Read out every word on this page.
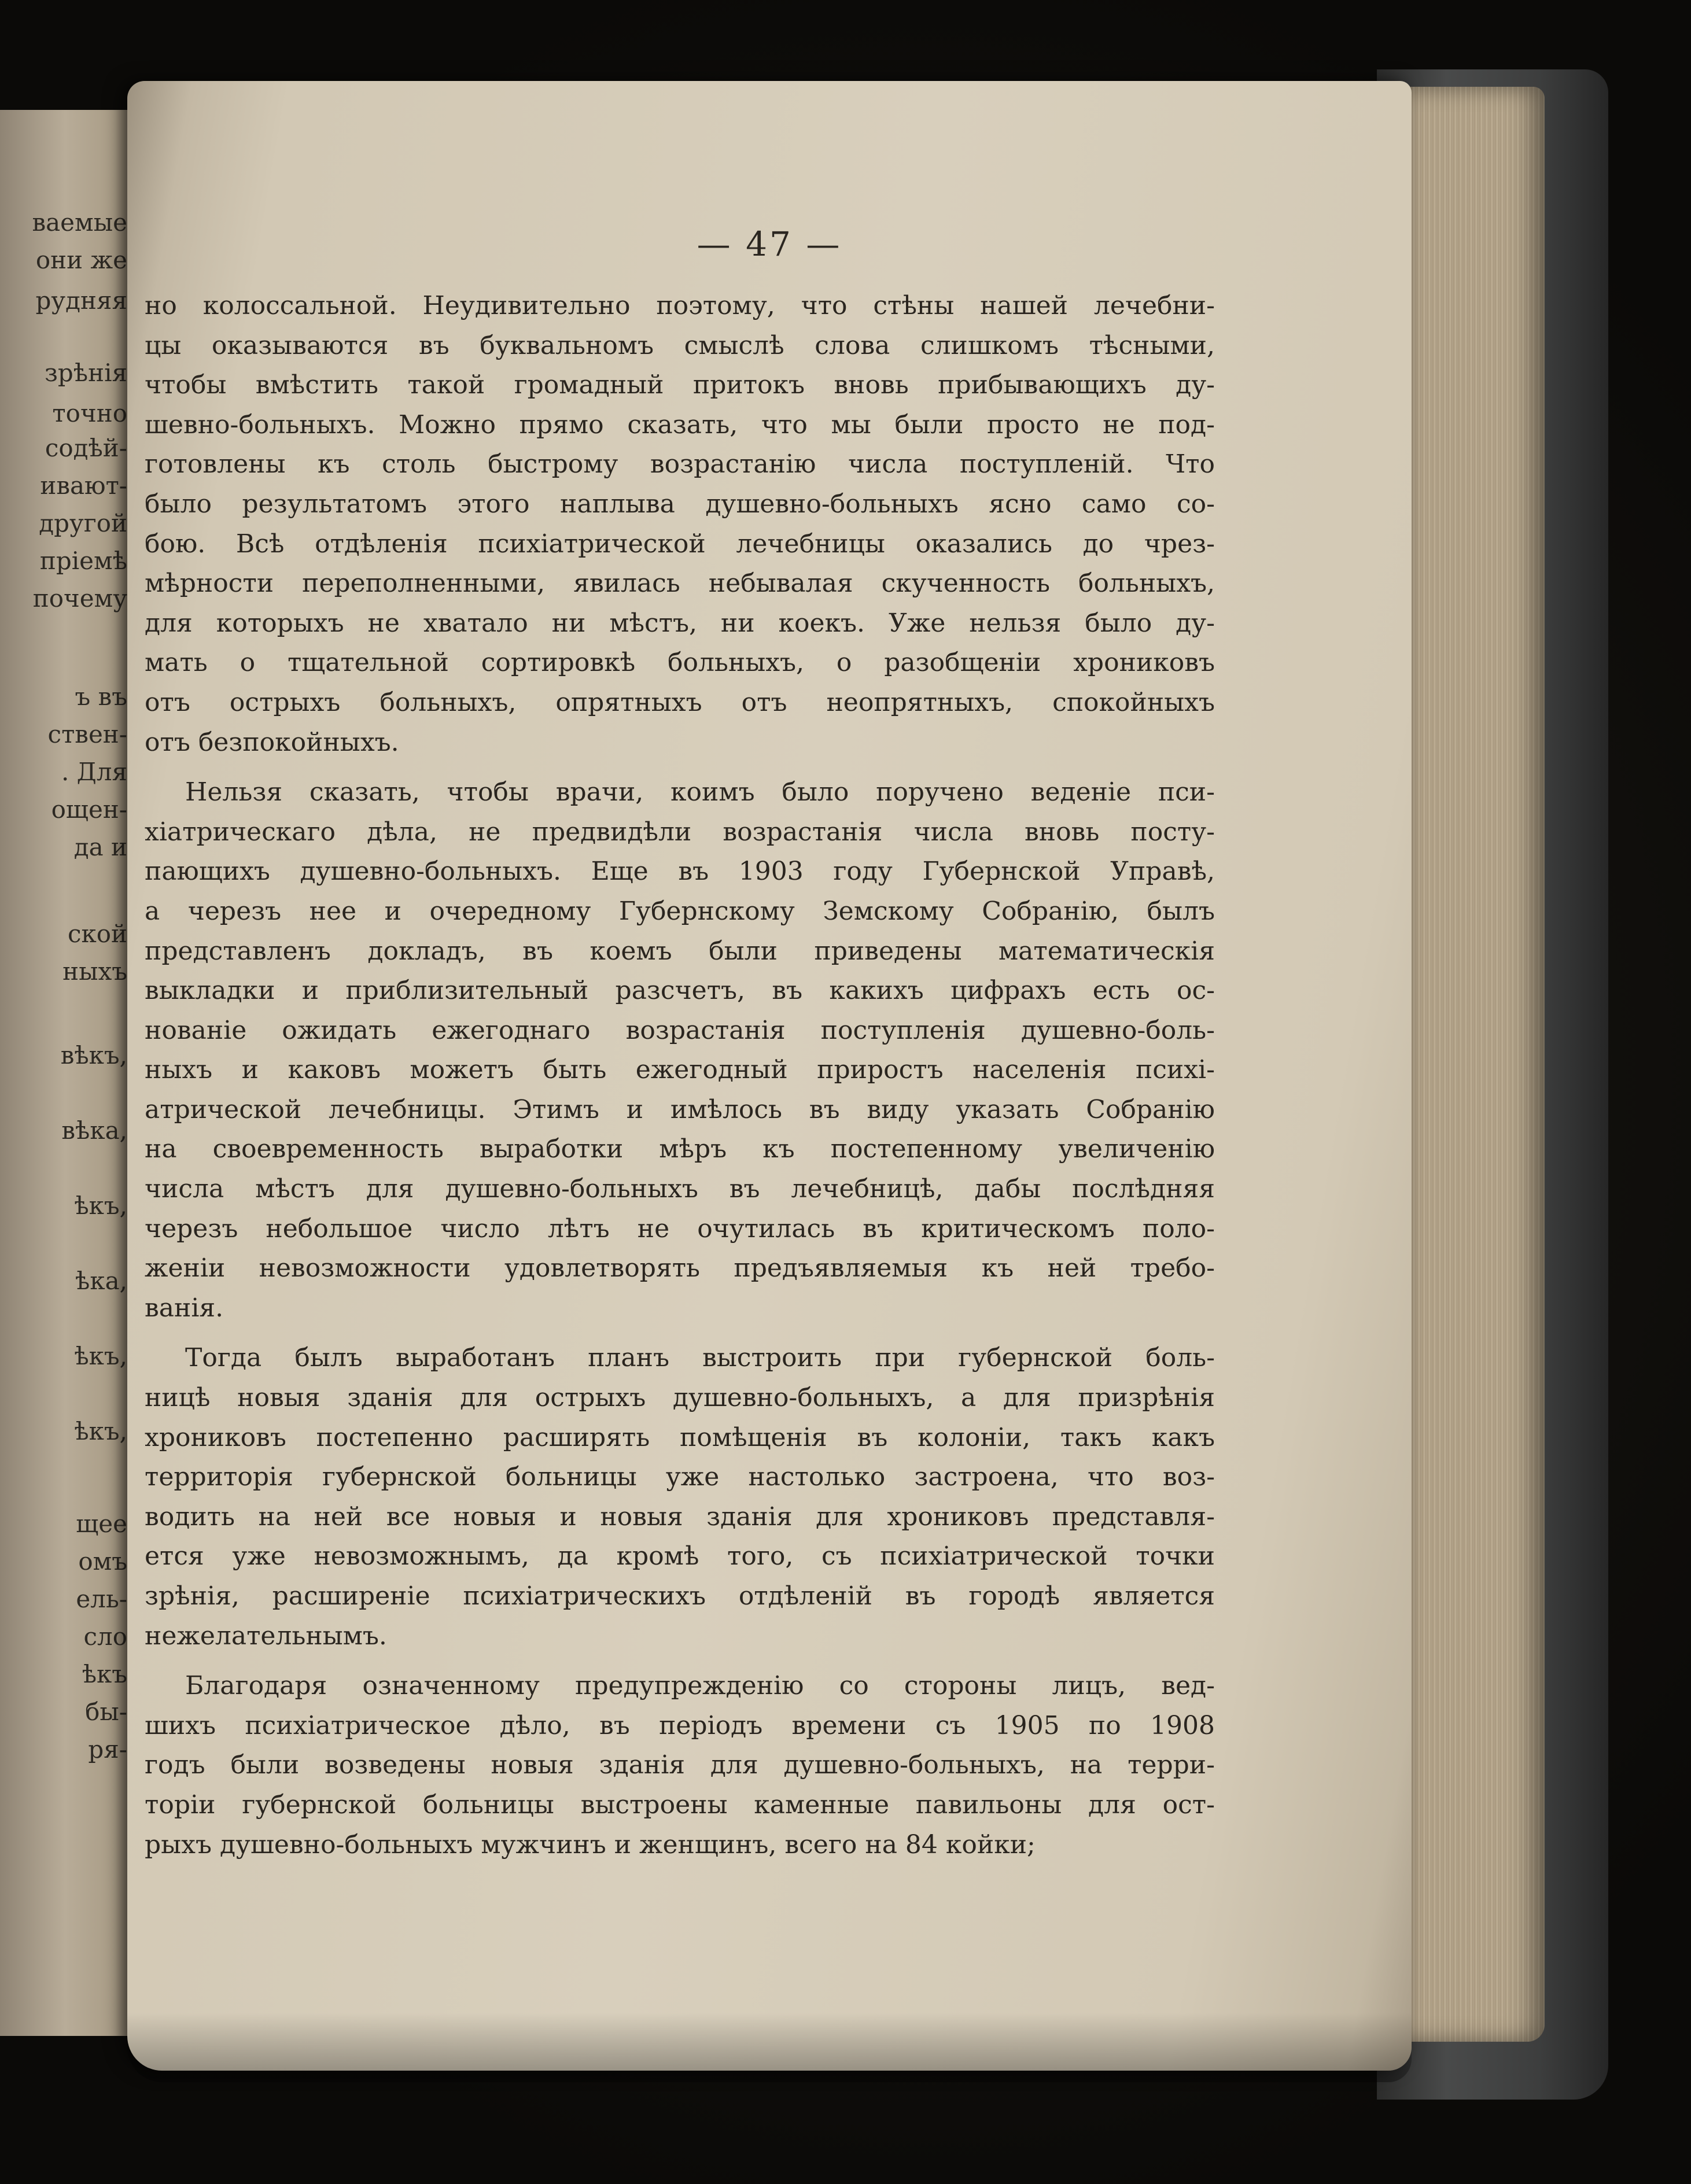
ваемые
они же
рудняя
зрѣнія
точно
содѣй-
ивают-
другой
пріемѣ
почему
ъ въ
ствен-
. Для
ощен-
да и
ской
ныхъ
вѣкъ,
вѣка,
ѣкъ,
ѣка,
ѣкъ,
ѣкъ,
щее
омъ
ель-
сло
ѣкъ
бы-
ря-
— 47 —
но колоссальной. Неудивительно поэтому, что стѣны нашей лечебни-
цы оказываются въ буквальномъ смыслѣ слова слишкомъ тѣсными,
чтобы вмѣстить такой громадный притокъ вновь прибывающихъ ду-
шевно-больныхъ. Можно прямо сказать, что мы были просто не под-
готовлены къ столь быстрому возрастанію числа поступленій. Что
было результатомъ этого наплыва душевно-больныхъ ясно само со-
бою. Всѣ отдѣленія психіатрической лечебницы оказались до чрез-
мѣрности переполненными, явилась небывалая скученность больныхъ,
для которыхъ не хватало ни мѣстъ, ни коекъ. Уже нельзя было ду-
мать о тщательной сортировкѣ больныхъ, о разобщеніи хрониковъ
отъ острыхъ больныхъ, опрятныхъ отъ неопрятныхъ, спокойныхъ
отъ безпокойныхъ.
Нельзя сказать, чтобы врачи, коимъ было поручено веденіе пси-
хіатрическаго дѣла, не предвидѣли возрастанія числа вновь посту-
пающихъ душевно-больныхъ. Еще въ 1903 году Губернской Управѣ,
а черезъ нее и очередному Губернскому Земскому Собранію, былъ
представленъ докладъ, въ коемъ были приведены математическія
выкладки и приблизительный разсчетъ, въ какихъ цифрахъ есть ос-
нованіе ожидать ежегоднаго возрастанія поступленія душевно-боль-
ныхъ и каковъ можетъ быть ежегодный приростъ населенія психі-
атрической лечебницы. Этимъ и имѣлось въ виду указать Собранію
на своевременность выработки мѣръ къ постепенному увеличенію
числа мѣстъ для душевно-больныхъ въ лечебницѣ, дабы послѣдняя
черезъ небольшое число лѣтъ не очутилась въ критическомъ поло-
женіи невозможности удовлетворять предъявляемыя къ ней требо-
ванія.
Тогда былъ выработанъ планъ выстроить при губернской боль-
ницѣ новыя зданія для острыхъ душевно-больныхъ, а для призрѣнія
хрониковъ постепенно расширять помѣщенія въ колоніи, такъ какъ
территорія губернской больницы уже настолько застроена, что воз-
водить на ней все новыя и новыя зданія для хрониковъ представля-
ется уже невозможнымъ, да кромѣ того, съ психіатрической точки
зрѣнія, расширеніе психіатрическихъ отдѣленій въ городѣ является
нежелательнымъ.
Благодаря означенному предупрежденію со стороны лицъ, вед-
шихъ психіатрическое дѣло, въ періодъ времени съ 1905 по 1908
годъ были возведены новыя зданія для душевно-больныхъ, на терри-
торіи губернской больницы выстроены каменные павильоны для ост-
рыхъ душевно-больныхъ мужчинъ и женщинъ, всего на 84 койки;
